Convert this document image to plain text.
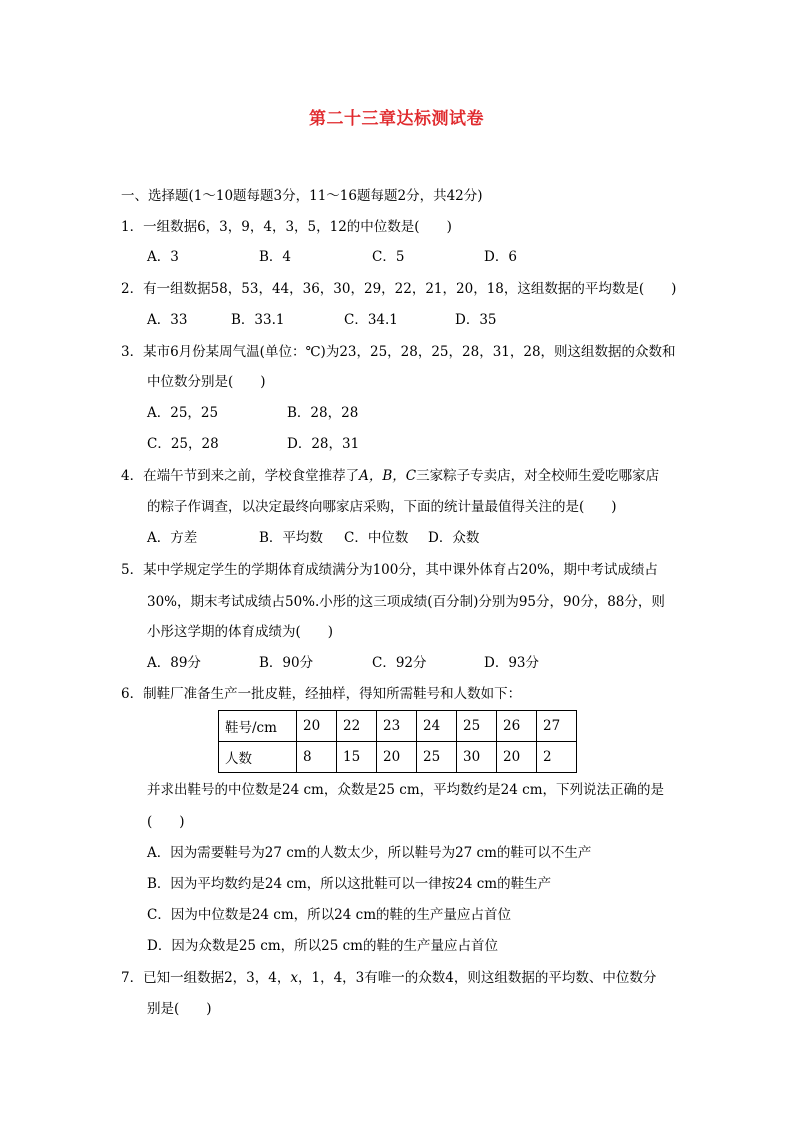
第二十三章达标测试卷
一、选择题(1～10题每题3分，11～16题每题2分，共42分)
1．一组数据6，3，9，4，3，5，12的中位数是(　　)
A．3	B．4	C．5	D．6
2．有一组数据58，53，44，36，30，29，22，21，20，18，这组数据的平均数是(　　)
A．33	B．33.1	C．34.1	D．35
3．某市6月份某周气温(单位：℃)为23，25，28，25，28，31，28，则这组数据的众数和
中位数分别是(　　)
A．25，25	B．28，28
C．25，28	D．28，31
4．在端午节到来之前，学校食堂推荐了A，B，C三家粽子专卖店，对全校师生爱吃哪家店
的粽子作调查，以决定最终向哪家店采购，下面的统计量最值得关注的是(　　)
A．方差	B．平均数 C．中位数 D．众数
5．某中学规定学生的学期体育成绩满分为100分，其中课外体育占20%，期中考试成绩占
30%，期末考试成绩占50%.小彤的这三项成绩(百分制)分别为95分，90分，88分，则
小彤这学期的体育成绩为(　　)
A．89分	B．90分	C．92分	D．93分
6．制鞋厂准备生产一批皮鞋，经抽样，得知所需鞋号和人数如下：
鞋号/cm	20	22	23	24	25	26	27
人数	8	15	20	25	30	20	2
并求出鞋号的中位数是24 cm，众数是25 cm，平均数约是24 cm，下列说法正确的是
(　　)
A．因为需要鞋号为27 cm的人数太少，所以鞋号为27 cm的鞋可以不生产
B．因为平均数约是24 cm，所以这批鞋可以一律按24 cm的鞋生产
C．因为中位数是24 cm，所以24 cm的鞋的生产量应占首位
D．因为众数是25 cm，所以25 cm的鞋的生产量应占首位
7．已知一组数据2，3，4，x，1，4，3有唯一的众数4，则这组数据的平均数、中位数分
别是(　　)
